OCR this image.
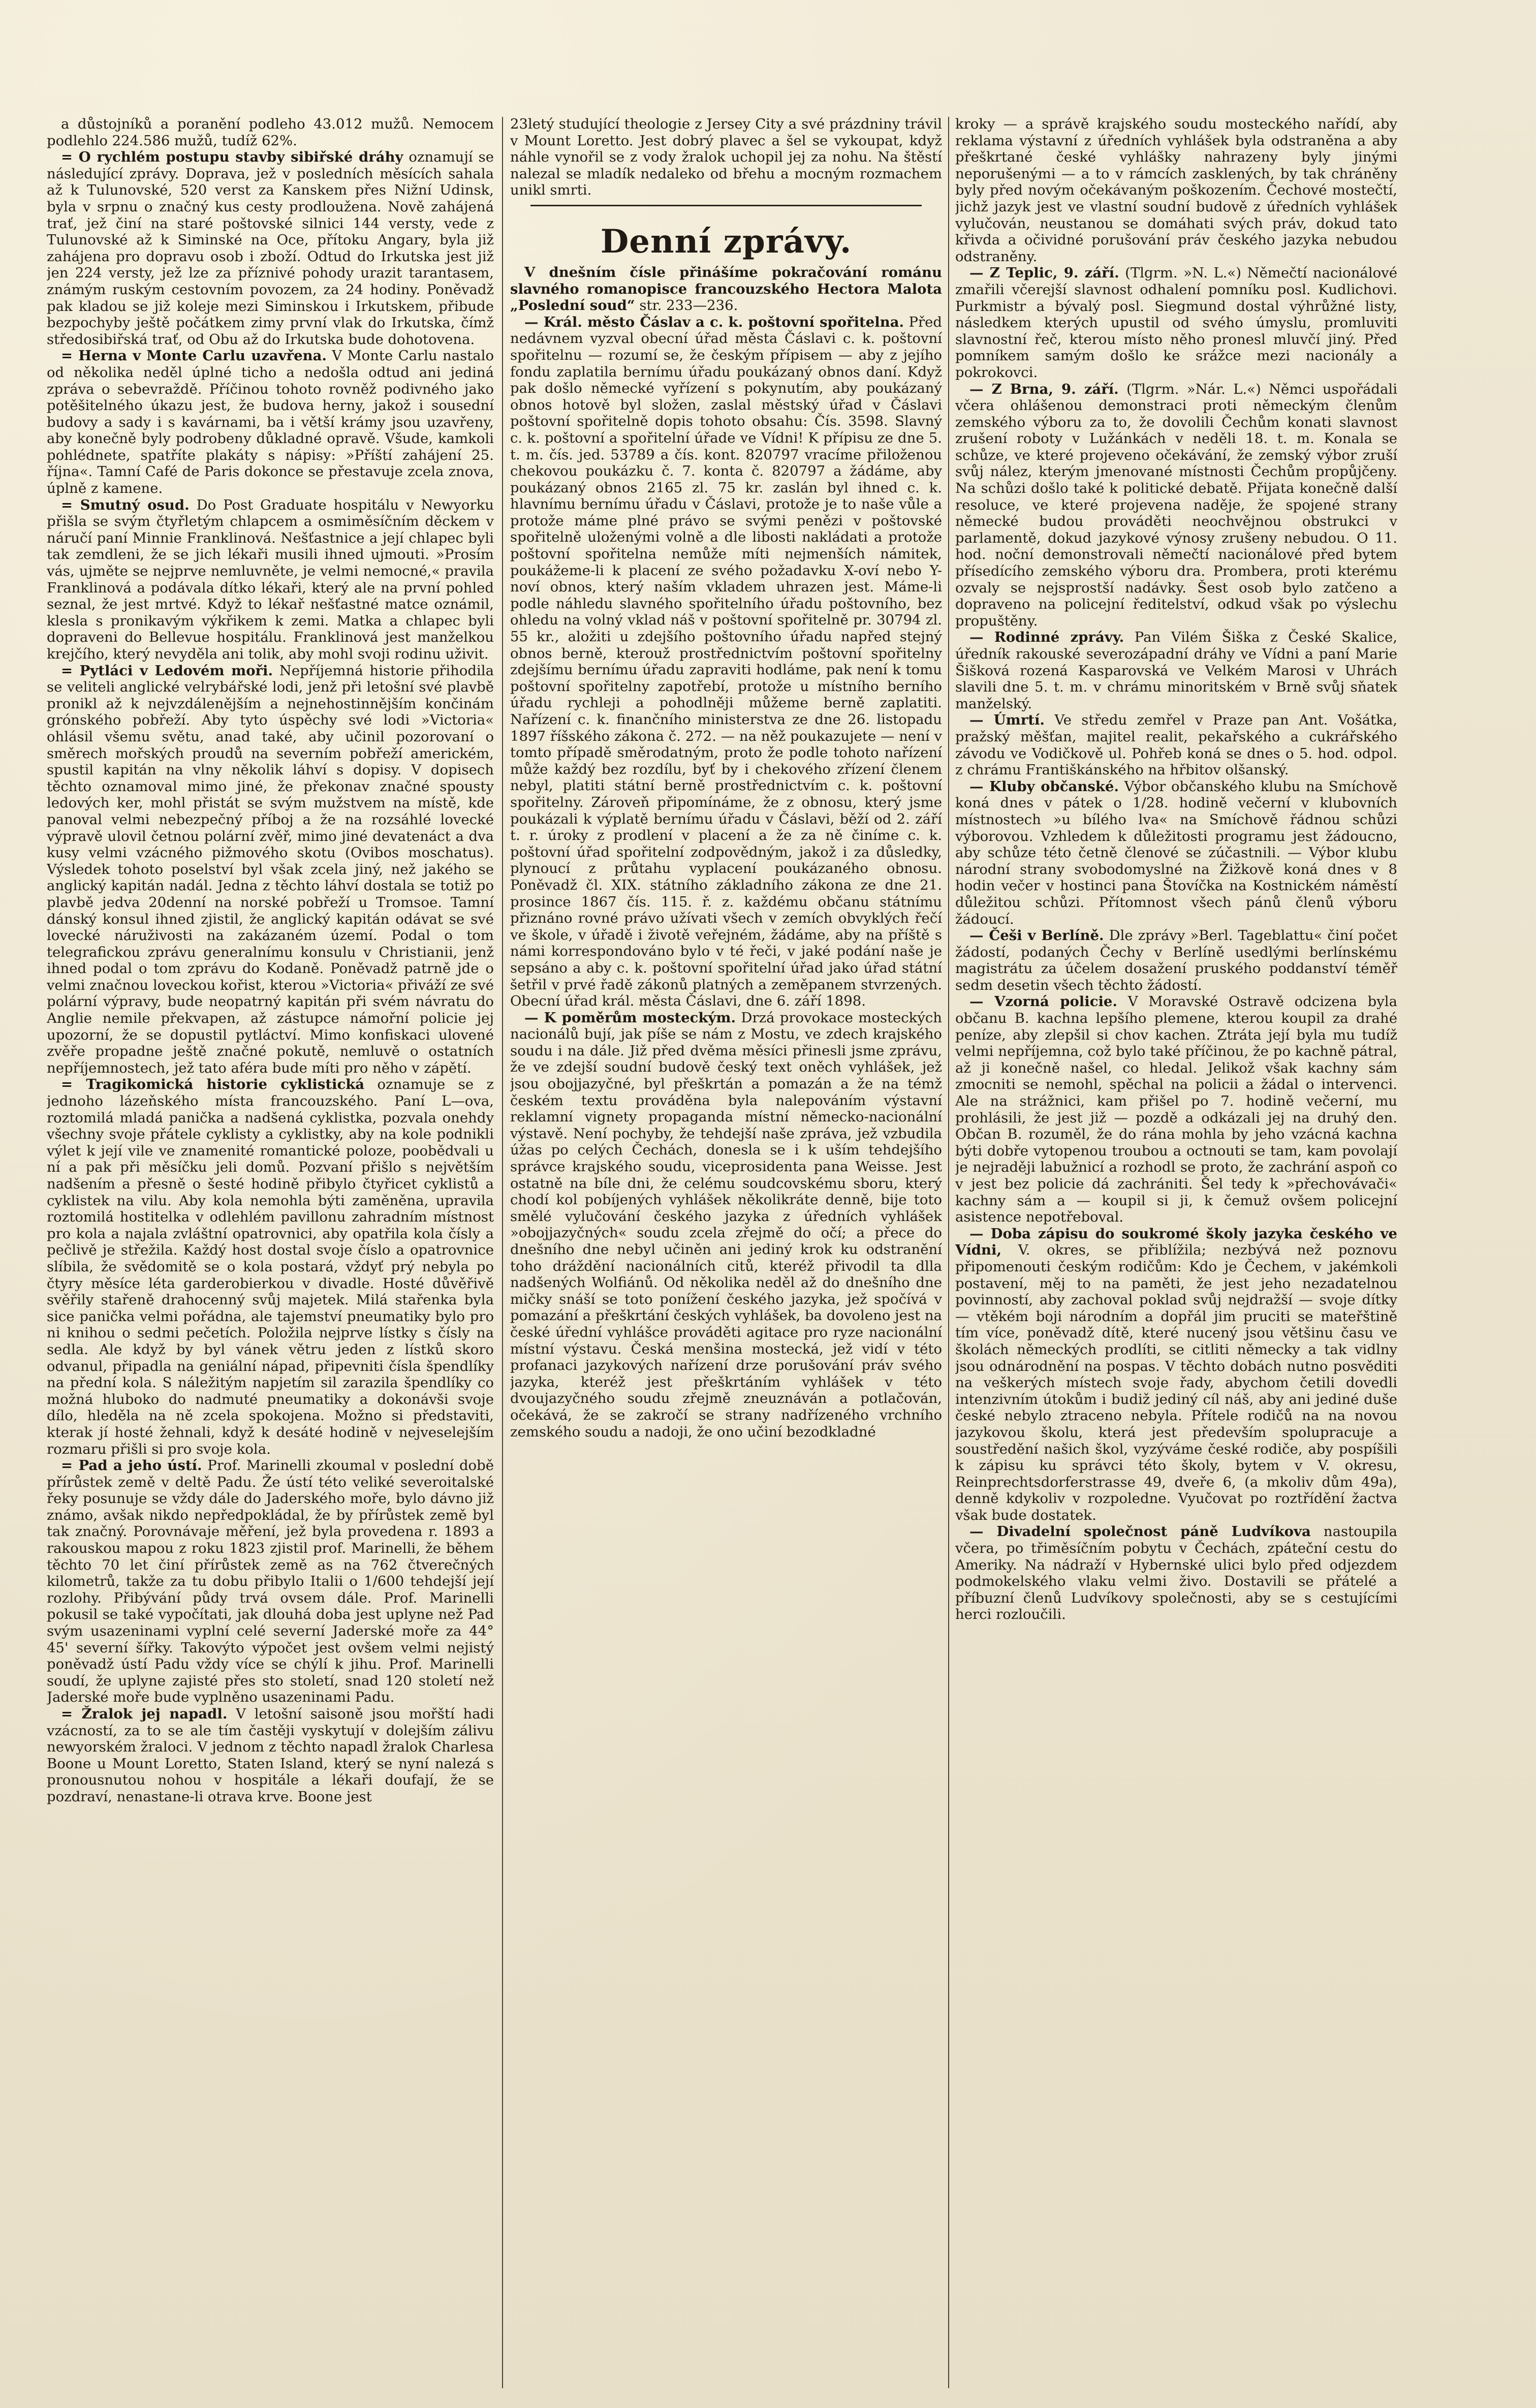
a důstojníků a poranění podleho 43.012 mužů. Nemocem podlehlo 224.586 mužů, tudíž 62%.

= O rychlém postupu stavby sibiřské dráhy oznamují se následující zprávy. Doprava, jež v posledních měsících sahala až k Tulunovské, 520 verst za Kanskem přes Nižní Udinsk, byla v srpnu o značný kus cesty prodloužena. Nově zahájená trať, jež činí na staré poštovské silnici 144 versty, vede z Tulunovské až k Siminské na Oce, přítoku Angary, byla již zahájena pro dopravu osob i zboží. Odtud do Irkutska jest již jen 224 versty, jež lze za příznivé pohody urazit tarantasem, známým ruským cestovním povozem, za 24 hodiny. Poněvadž pak kladou se již koleje mezi Siminskou i Irkutskem, přibude bezpochyby ještě počátkem zimy první vlak do Irkutska, čímž středosibiřská trať, od Obu až do Irkutska bude dohotovena.

= Herna v Monte Carlu uzavřena. V Monte Carlu nastalo od několika neděl úplné ticho a nedošla odtud ani jediná zpráva o sebevraždě. Příčinou tohoto rovněž podivného jako potěšitelného úkazu jest, že budova herny, jakož i sousední budovy a sady i s kavárnami, ba i větší krámy jsou uzavřeny, aby konečně byly podrobeny důkladné opravě. Všude, kamkoli pohlédnete, spatříte plakáty s nápisy: »Příští zahájení 25. října«. Tamní Café de Paris dokonce se přestavuje zcela znova, úplně z kamene.

= Smutný osud. Do Post Graduate hospitálu v Newyorku přišla se svým čtyřletým chlapcem a osmiměsíčním děckem v náručí paní Minnie Franklinová. Nešťastnice a její chlapec byli tak zemdleni, že se jich lékaři musili ihned ujmouti. »Prosím vás, ujměte se nejprve nemluvněte, je velmi nemocné,« pravila Franklinová a podávala dítko lékaři, který ale na první pohled seznal, že jest mrtvé. Když to lékař nešťastné matce oznámil, klesla s pronikavým výkřikem k zemi. Matka a chlapec byli dopraveni do Bellevue hospitálu. Franklinová jest manželkou krejčího, který nevyděla ani tolik, aby mohl svoji rodinu uživit.

= Pytláci v Ledovém moři. Nepříjemná historie přihodila se veliteli anglické velrybářské lodi, jenž při letošní své plavbě pronikl až k nejvzdálenějším a nejnehostinnějším končinám grónského pobřeží. Aby tyto úspěchy své lodi »Victoria« ohlásil všemu světu, anad také, aby učinil pozorovaní o směrech mořských proudů na severním pobřeží americkém, spustil kapitán na vlny několik láhví s dopisy. V dopisech těchto oznamoval mimo jiné, že překonav značné spousty ledových ker, mohl přistát se svým mužstvem na místě, kde panoval velmi nebezpečný příboj a že na rozsáhlé lovecké výpravě ulovil četnou polární zvěř, mimo jiné devatenáct a dva kusy velmi vzácného pižmového skotu (Ovibos moschatus). Výsledek tohoto poselství byl však zcela jiný, než jakého se anglický kapitán nadál. Jedna z těchto láhví dostala se totiž po plavbě jedva 20denní na norské pobřeží u Tromsoe. Tamní dánský konsul ihned zjistil, že anglický kapitán odávat se své lovecké náruživosti na zakázaném území. Podal o tom telegrafickou zprávu generalnímu konsulu v Christianii, jenž ihned podal o tom zprávu do Kodaně. Poněvadž patrně jde o velmi značnou loveckou kořist, kterou »Victoria« přiváží ze své polární výpravy, bude neopatrný kapitán při svém návratu do Anglie nemile překvapen, až zástupce námořní policie jej upozorní, že se dopustil pytláctví. Mimo konfiskaci ulovené zvěře propadne ještě značné pokutě, nemluvě o ostatních nepříjemnostech, jež tato aféra bude míti pro něho v zápětí.

= Tragikomická historie cyklistická oznamuje se z jednoho lázeňského místa francouzského. Paní L—ova, roztomilá mladá panička a nadšená cyklistka, pozvala onehdy všechny svoje přátele cyklisty a cyklistky, aby na kole podnikli výlet k její vile ve znamenité romantické poloze, poobědvali u ní a pak při měsíčku jeli domů. Pozvaní přišlo s největším nadšením a přesně o šesté hodině přibylo čtyřicet cyklistů a cyklistek na vilu. Aby kola nemohla býti zaměněna, upravila roztomilá hostitelka v odlehlém pavillonu zahradním místnost pro kola a najala zvláštní opatrovnici, aby opatřila kola čísly a pečlivě je střežila. Každý host dostal svoje číslo a opatrovnice slíbila, že svědomitě se o kola postará, vždyť prý nebyla po čtyry měsíce léta garderobierkou v divadle. Hosté důvěřivě svěřily stařeně drahocenný svůj majetek. Milá stařenka byla sice panička velmi pořádna, ale tajemství pneumatiky bylo pro ni knihou o sedmi pečetích. Položila nejprve lístky s čísly na sedla. Ale když by byl vánek větru jeden z lístků skoro odvanul, připadla na geniální nápad, připevniti čísla špendlíky na přední kola. S náležitým napjetím sil zarazila špendlíky co možná hluboko do nadmuté pneumatiky a dokonávši svoje dílo, hleděla na ně zcela spokojena. Možno si představiti, kterak jí hosté žehnali, když k desáté hodině v nejveselejším rozmaru přišli si pro svoje kola.

= Pad a jeho ústí. Prof. Marinelli zkoumal v poslední době přírůstek země v deltě Padu. Že ústí této veliké severoitalské řeky posunuje se vždy dále do Jaderského moře, bylo dávno již známo, avšak nikdo nepředpokládal, že by přírůstek země byl tak značný. Porovnávaje měření, jež byla provedena r. 1893 a rakouskou mapou z roku 1823 zjistil prof. Marinelli, že během těchto 70 let činí přírůstek země as na 762 čtverečných kilometrů, takže za tu dobu přibylo Italii o 1/600 tehdejší její rozlohy. Přibývání půdy trvá ovsem dále. Prof. Marinelli pokusil se také vypočítati, jak dlouhá doba jest uplyne než Pad svým usazeninami vyplní celé severní Jaderské moře za 44° 45' severní šířky. Takovýto výpočet jest ovšem velmi nejistý poněvadž ústí Padu vždy více se chýlí k jihu. Prof. Marinelli soudí, že uplyne zajisté přes sto století, snad 120 století než Jaderské moře bude vyplněno usazeninami Padu.

= Žralok jej napadl. V letošní saisoně jsou mořští hadi vzácností, za to se ale tím častěji vyskytují v dolejším zálivu newyorském žraloci. V jednom z těchto napadl žralok Charlesa Boone u Mount Loretto, Staten Island, který se nyní nalezá s pronousnutou nohou v hospitále a lékaři doufají, že se pozdraví, nenastane-li otrava krve. Boone jest

23letý studující theologie z Jersey City a své prázdniny trávil v Mount Loretto. Jest dobrý plavec a šel se vykoupat, když náhle vynořil se z vody žralok uchopil jej za nohu. Na štěstí nalezal se mladík nedaleko od břehu a mocným rozmachem unikl smrti.

Denní zprávy.

V dnešním čísle přinášíme pokračování románu slavného romanopisce francouzského Hectora Malota „Poslední soud“ str. 233—236.

— Král. město Čáslav a c. k. poštovní spořitelna. Před nedávnem vyzval obecní úřad města Čáslavi c. k. poštovní spořitelnu — rozumí se, že českým přípisem — aby z jejího fondu zaplatila bernímu úřadu poukázaný obnos daní. Když pak došlo německé vyřízení s pokynutím, aby poukázaný obnos hotově byl složen, zaslal městský úřad v Čáslavi poštovní spořitelně dopis tohoto obsahu: Čís. 3598. Slavný c. k. poštovní a spořitelní úřade ve Vídni! K přípisu ze dne 5. t. m. čís. jed. 53789 a čís. kont. 820797 vracíme přiloženou chekovou poukázku č. 7. konta č. 820797 a žádáme, aby poukázaný obnos 2165 zl. 75 kr. zaslán byl ihned c. k. hlavnímu bernímu úřadu v Čáslavi, protože je to naše vůle a protože máme plné právo se svými penězi v poštovské spořitelně uloženými volně a dle libosti nakládati a protože poštovní spořitelna nemůže míti nejmenších námitek, poukážeme-li k placení ze svého požadavku X-oví nebo Y-noví obnos, který naším vkladem uhrazen jest. Máme-li podle náhledu slavného spořitelního úřadu poštovního, bez ohledu na volný vklad náš v poštovní spořitelně pr. 30794 zl. 55 kr., aložiti u zdejšího poštovního úřadu napřed stejný obnos berně, kterouž prostřednictvím poštovní spořitelny zdejšímu bernímu úřadu zapraviti hodláme, pak není k tomu poštovní spořitelny zapotřebí, protože u místního berního úřadu rychleji a pohodlněji můžeme berně zaplatiti. Nařízení c. k. finančního ministerstva ze dne 26. listopadu 1897 říšského zákona č. 272. — na něž poukazujete — není v tomto případě směrodatným, proto že podle tohoto nařízení může každý bez rozdílu, byť by i chekového zřízení členem nebyl, platiti státní berně prostřednictvím c. k. poštovní spořitelny. Zároveň připomínáme, že z obnosu, který jsme poukázali k výplatě bernímu úřadu v Čáslavi, běží od 2. září t. r. úroky z prodlení v placení a že za ně činíme c. k. poštovní úřad spořitelní zodpovědným, jakož i za důsledky, plynoucí z průtahu vyplacení poukázaného obnosu. Poněvadž čl. XIX. státního základního zákona ze dne 21. prosince 1867 čís. 115. ř. z. každému občanu státnímu přiznáno rovné právo užívati všech v zemích obvyklých řečí ve škole, v úřadě i životě veřejném, žádáme, aby na příště s námi korrespondováno bylo v té řeči, v jaké podání naše je sepsáno a aby c. k. poštovní spořitelní úřad jako úřad státní šetřil v prvé řadě zákonů platných a zeměpanem stvrzených. Obecní úřad král. města Čáslavi, dne 6. září 1898.

— K poměrům mosteckým. Drzá provokace mosteckých nacionálů bují, jak píše se nám z Mostu, ve zdech krajského soudu i na dále. Již před dvěma měsíci přinesli jsme zprávu, že ve zdejší soudní budově český text oněch vyhlášek, jež jsou obojjazyčné, byl přeškrtán a pomazán a že na témž českém textu prováděna byla nalepováním výstavní reklamní vignety propaganda místní německo-nacionální výstavě. Není pochyby, že tehdejší naše zpráva, jež vzbudila úžas po celých Čechách, donesla se i k uším tehdejšího správce krajského soudu, viceprosidenta pana Weisse. Jest ostatně na bíle dni, že celému soudcovskému sboru, který chodí kol pobíjených vyhlášek několikráte denně, bije toto smělé vylučování českého jazyka z úředních vyhlášek »obojjazyčných« soudu zcela zřejmě do očí; a přece do dnešního dne nebyl učiněn ani jediný krok ku odstranění toho dráždění nacionálních citů, kteréž přivodil ta dlla nadšených Wolfiánů. Od několika neděl až do dnešního dne mičky snáší se toto ponížení českého jazyka, jež spočívá v pomazání a přeškrtání českých vyhlášek, ba dovoleno jest na české úřední vyhlášce prováděti agitace pro ryze nacionální místní výstavu. Česká menšina mostecká, jež vidí v této profanaci jazykových nařízení drze porušování práv svého jazyka, kteréž jest přeškrtáním vyhlášek v této dvoujazyčného soudu zřejmě zneuznáván a potlačován, očekává, že se zakročí se strany nadřízeného vrchního zemského soudu a nadoji, že ono učiní bezodkladné

kroky — a správě krajského soudu mosteckého nařídí, aby reklama výstavní z úředních vyhlášek byla odstraněna a aby přeškrtané české vyhlášky nahrazeny byly jinými neporušenými — a to v rámcích zasklených, by tak chráněny byly před novým očekávaným poškozením. Čechové mostečtí, jichž jazyk jest ve vlastní soudní budově z úředních vyhlášek vylučován, neustanou se domáhati svých práv, dokud tato křivda a očividné porušování práv českého jazyka nebudou odstraněny.

— Z Teplic, 9. září. (Tlgrm. »N. L.«) Němečtí nacionálové zmařili včerejší slavnost odhalení pomníku posl. Kudlichovi. Purkmistr a bývalý posl. Siegmund dostal výhrůžné listy, následkem kterých upustil od svého úmyslu, promluviti slavnostní řeč, kterou místo něho pronesl mluvčí jiný. Před pomníkem samým došlo ke srážce mezi nacionály a pokrokovci.

— Z Brna, 9. září. (Tlgrm. »Nár. L.«) Němci uspořádali včera ohlášenou demonstraci proti německým členům zemského výboru za to, že dovolili Čechům konati slavnost zrušení roboty v Lužánkách v neděli 18. t. m. Konala se schůze, ve které projeveno očekávání, že zemský výbor zruší svůj nález, kterým jmenované místnosti Čechům propůjčeny. Na schůzi došlo také k politické debatě. Přijata konečně další resoluce, ve které projevena naděje, že spojené strany německé budou prováděti neochvějnou obstrukci v parlamentě, dokud jazykové výnosy zrušeny nebudou. O 11. hod. noční demonstrovali němečtí nacionálové před bytem přísedícího zemského výboru dra. Prombera, proti kterému ozvaly se nejsprostší nadávky. Šest osob bylo zatčeno a dopraveno na policejní ředitelství, odkud však po výslechu propuštěny.

— Rodinné zprávy. Pan Vilém Šiška z České Skalice, úředník rakouské severozápadní dráhy ve Vídni a paní Marie Šišková rozená Kasparovská ve Velkém Marosi v Uhrách slavili dne 5. t. m. v chrámu minoritském v Brně svůj sňatek manželský.

— Úmrtí. Ve středu zemřel v Praze pan Ant. Vošátka, pražský měšťan, majitel realit, pekařského a cukrářského závodu ve Vodičkově ul. Pohřeb koná se dnes o 5. hod. odpol. z chrámu Františkánského na hřbitov olšanský.

— Kluby občanské. Výbor občanského klubu na Smíchově koná dnes v pátek o 1/28. hodině večerní v klubovních místnostech »u bílého lva« na Smíchově řádnou schůzi výborovou. Vzhledem k důležitosti programu jest žádoucno, aby schůze této četně členové se zúčastnili. — Výbor klubu národní strany svobodomyslné na Žižkově koná dnes v 8 hodin večer v hostinci pana Štovíčka na Kostnickém náměstí důležitou schůzi. Přítomnost všech pánů členů výboru žádoucí.

— Češi v Berlíně. Dle zprávy »Berl. Tageblattu« činí počet žádostí, podaných Čechy v Berlíně usedlými berlínskému magistrátu za účelem dosažení pruského poddanství téměř sedm desetin všech těchto žádostí.

— Vzorná policie. V Moravské Ostravě odcizena byla občanu B. kachna lepšího plemene, kterou koupil za drahé peníze, aby zlepšil si chov kachen. Ztráta její byla mu tudíž velmi nepříjemna, což bylo také příčinou, že po kachně pátral, až ji konečně našel, co hledal. Jelikož však kachny sám zmocniti se nemohl, spěchal na policii a žádal o intervenci. Ale na strážnici, kam přišel po 7. hodině večerní, mu prohlásili, že jest již — pozdě a odkázali jej na druhý den. Občan B. rozuměl, že do rána mohla by jeho vzácná kachna býti dobře vytopenou troubou a octnouti se tam, kam povolají je nejraději labužnicí a rozhodl se proto, že zachrání aspoň co v jest bez policie dá zachrániti. Šel tedy k »přechovávači« kachny sám a — koupil si ji, k čemuž ovšem policejní asistence nepotřeboval.

— Doba zápisu do soukromé školy jazyka českého ve Vídni, V. okres, se přiblížila; nezbývá než poznovu připomenouti českým rodičům: Kdo je Čechem, v jakémkoli postavení, měj to na paměti, že jest jeho nezadatelnou povinností, aby zachoval poklad svůj nejdražší — svoje dítky — vtěkém boji národním a dopřál jim pruciti se mateřštině tím více, poněvadž dítě, které nucený jsou většinu času ve školách německých prodlíti, se citliti německy a tak vidlny jsou odnárodnění na pospas. V těchto dobách nutno posvěditi na veškerých místech svoje řady, abychom četili dovedli intenzivním útokům i budiž jediný cíl náš, aby ani jediné duše české nebylo ztraceno nebyla. Přítele rodičů na na novou jazykovou školu, která jest především spolupracuje a soustředění našich škol, vyzýváme české rodiče, aby pospíšili k zápisu ku správci této školy, bytem v V. okresu, Reinprechtsdorferstrasse 49, dveře 6, (a mkoliv dům 49a), denně kdykoliv v rozpoledne. Vyučovat po roztřídění žactva však bude dostatek.

— Divadelní společnost páně Ludvíkova nastoupila včera, po třiměsíčním pobytu v Čechách, zpáteční cestu do Ameriky. Na nádraží v Hybernské ulici bylo před odjezdem podmokelského vlaku velmi živo. Dostavili se přátelé a příbuzní členů Ludvíkovy společnosti, aby se s cestujícími herci rozloučili.
